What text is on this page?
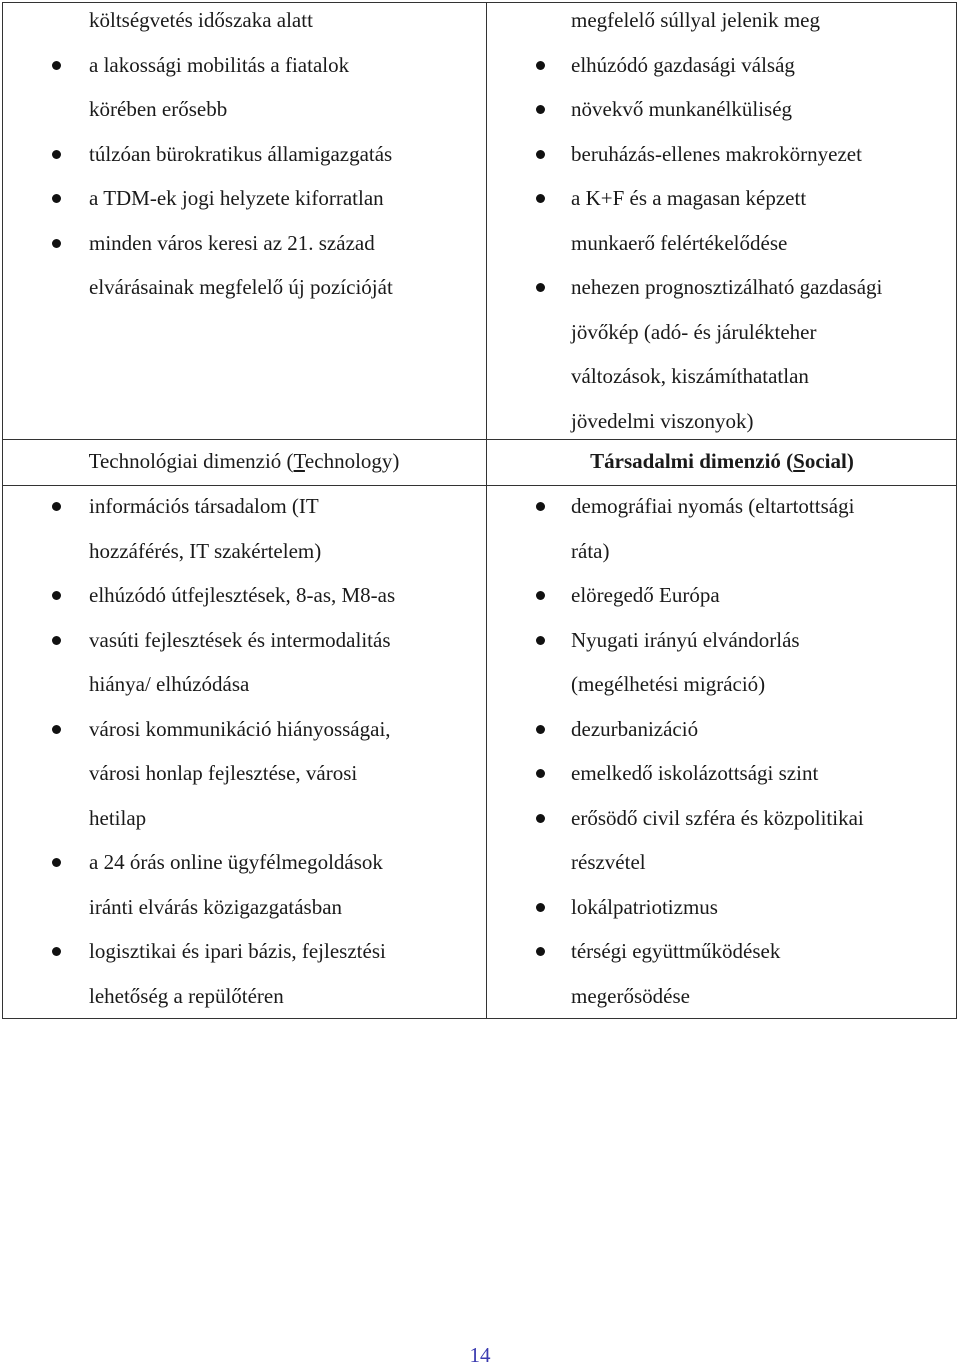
költségvetés időszaka alatt
a lakossági mobilitás a fiatalok
körében erősebb
túlzóan bürokratikus államigazgatás
a TDM-ek jogi helyzete kiforratlan
minden város keresi az 21. század
elvárásainak megfelelő új pozícióját
megfelelő súllyal jelenik meg
elhúzódó gazdasági válság
növekvő munkanélküliség
beruházás-ellenes makrokörnyezet
a K+F és a magasan képzett
munkaerő felértékelődése
nehezen prognosztizálható gazdasági
jövőkép (adó- és járulékteher
változások, kiszámíthatatlan
jövedelmi viszonyok)
Technológiai dimenzió (Technology)	Társadalmi dimenzió (Social)
információs társadalom (IT
hozzáférés, IT szakértelem)
elhúzódó útfejlesztések, 8-as, M8-as
vasúti fejlesztések és intermodalitás
hiánya/ elhúzódása
városi kommunikáció hiányosságai,
városi honlap fejlesztése, városi
hetilap
a 24 órás online ügyfélmegoldások
iránti elvárás közigazgatásban
logisztikai és ipari bázis, fejlesztési
lehetőség a repülőtéren
demográfiai nyomás (eltartottsági
ráta)
elöregedő Európa
Nyugati irányú elvándorlás
(megélhetési migráció)
dezurbanizáció
emelkedő iskolázottsági szint
erősödő civil szféra és közpolitikai
részvétel
lokálpatriotizmus
térségi együttműködések
megerősödése
14
